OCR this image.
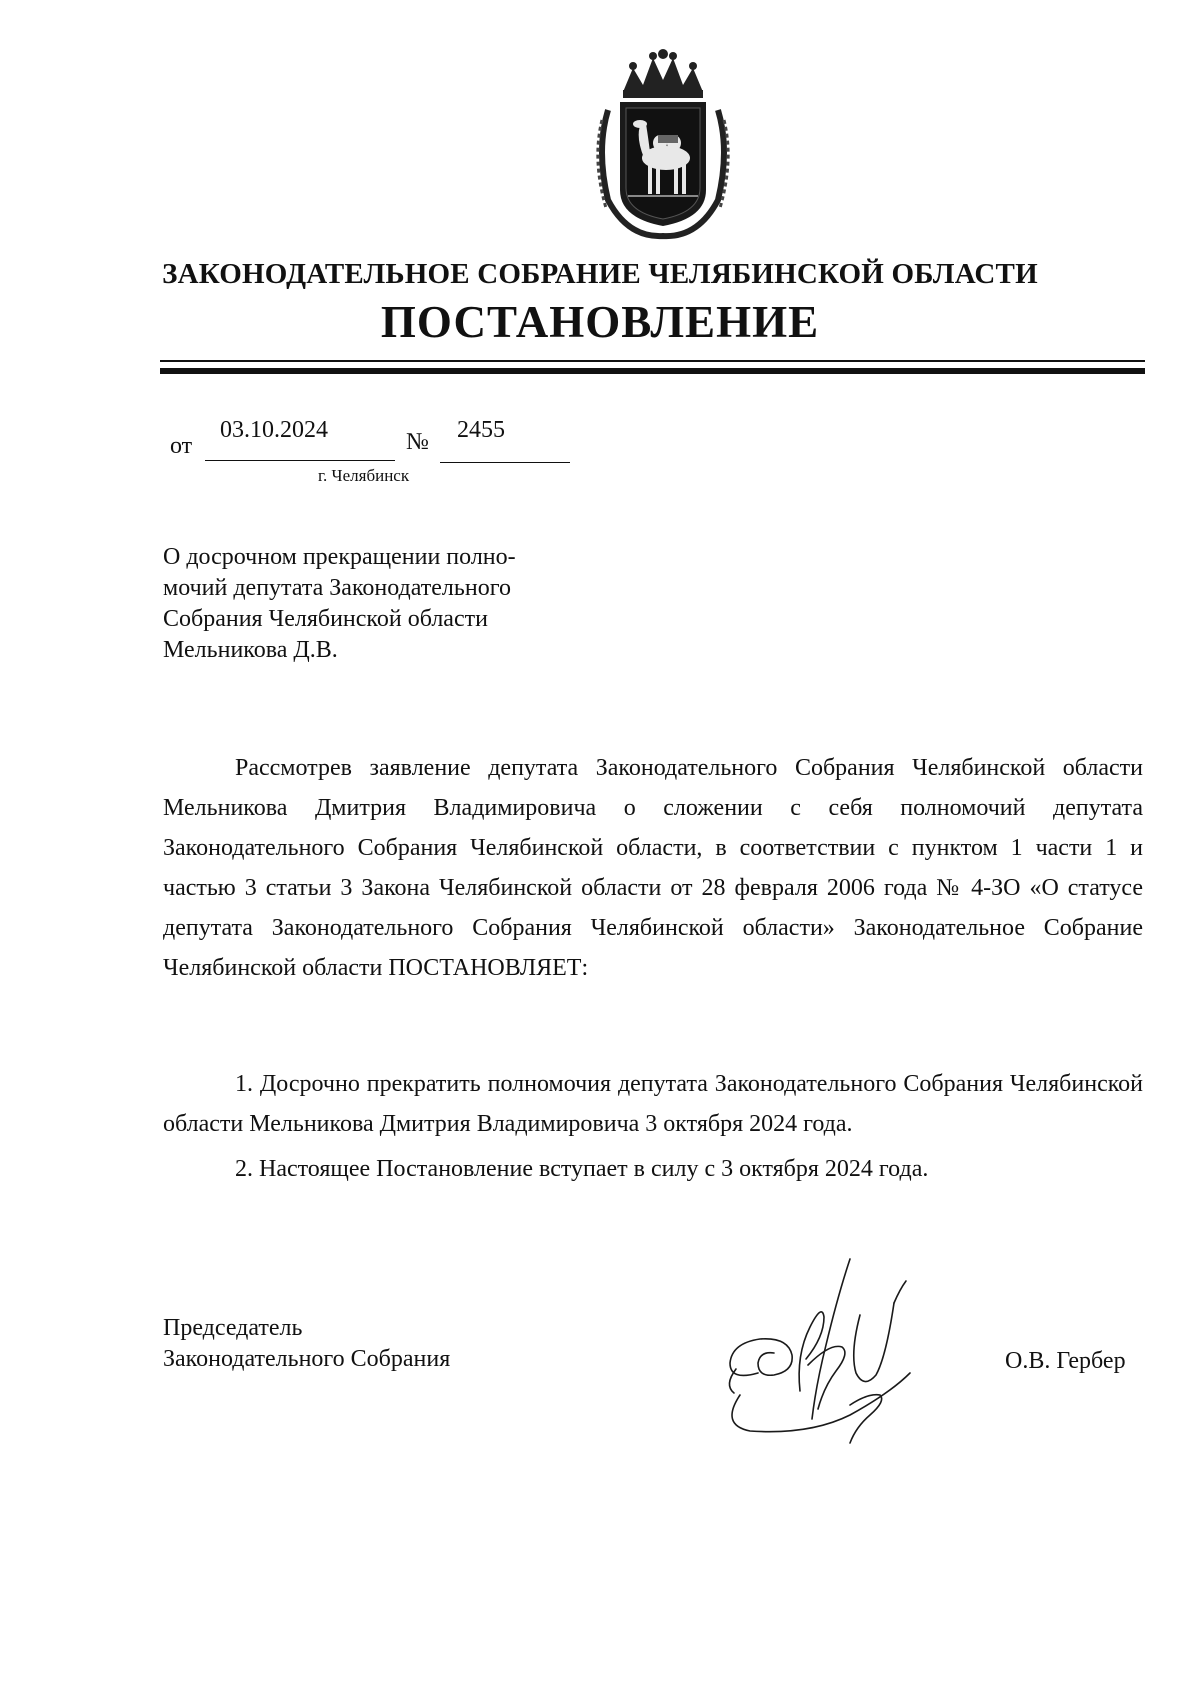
ЗАКОНОДАТЕЛЬНОЕ СОБРАНИЕ ЧЕЛЯБИНСКОЙ ОБЛАСТИ
ПОСТАНОВЛЕНИЕ
от
03.10.2024	№ 2455
г. Челябинск
О досрочном прекращении полно-
мочий депутата Законодательного
Собрания Челябинской области
Мельникова Д.В.
Рассмотрев заявление депутата Законодательного Собрания Челябинской области Мельникова Дмитрия Владимировича о сложении с себя полномочий депутата Законодательного Собрания Челябинской области, в соответствии с пунктом 1 части 1 и частью 3 статьи 3 Закона Челябинской области от 28 февраля 2006 года № 4-ЗО «О статусе депутата Законодательного Собрания Челябинской области» Законодательное Собрание Челябинской области ПОСТАНОВЛЯЕТ:
1. Досрочно прекратить полномочия депутата Законодательного Собрания Челябинской области Мельникова Дмитрия Владимировича 3 октября 2024 года.
2. Настоящее Постановление вступает в силу с 3 октября 2024 года.
Председатель
Законодательного Собрания	О.В. Гербер
